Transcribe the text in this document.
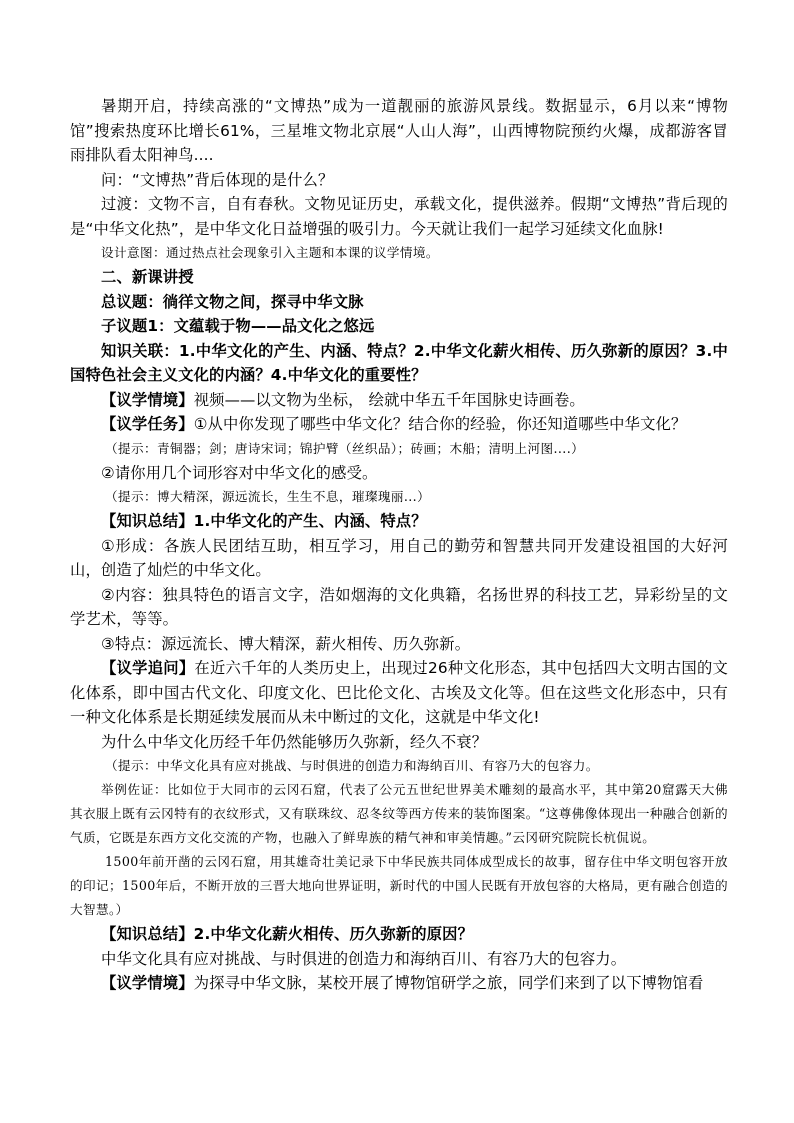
暑期开启，持续高涨的“文博热”成为一道靓丽的旅游风景线。数据显示，6月以来“博物馆”搜索热度环比增长61%，三星堆文物北京展“人山人海”，山西博物院预约火爆，成都游客冒雨排队看太阳神鸟....

问：“文博热”背后体现的是什么？

过渡：文物不言，自有春秋。文物见证历史，承载文化，提供滋养。假期“文博热”背后现的是“中华文化热”，是中华文化日益增强的吸引力。今天就让我们一起学习延续文化血脉!

设计意图：通过热点社会现象引入主题和本课的议学情境。

二、新课讲授

总议题：徜徉文物之间，探寻中华文脉

子议题1：文蕴载于物——品文化之悠远

知识关联：1.中华文化的产生、内涵、特点？2.中华文化薪火相传、历久弥新的原因？3.中国特色社会主义文化的内涵？4.中华文化的重要性？

【议学情境】视频——以文物为坐标， 绘就中华五千年国脉史诗画卷。

【议学任务】①从中你发现了哪些中华文化？结合你的经验，你还知道哪些中华文化？

（提示：青铜器；剑；唐诗宋词；锦护臂（丝织品）；砖画；木船；清明上河图....）

②请你用几个词形容对中华文化的感受。

（提示：博大精深，源远流长，生生不息，璀璨瑰丽...）

【知识总结】1.中华文化的产生、内涵、特点？

①形成：各族人民团结互助，相互学习，用自己的勤劳和智慧共同开发建设祖国的大好河山，创造了灿烂的中华文化。

②内容：独具特色的语言文字，浩如烟海的文化典籍，名扬世界的科技工艺，异彩纷呈的文学艺术，等等。

③特点：源远流长、博大精深，薪火相传、历久弥新。

【议学追问】在近六千年的人类历史上，出现过26种文化形态，其中包括四大文明古国的文化体系，即中国古代文化、印度文化、巴比伦文化、古埃及文化等。但在这些文化形态中，只有一种文化体系是长期延续发展而从未中断过的文化，这就是中华文化!

为什么中华文化历经千年仍然能够历久弥新，经久不衰？

（提示：中华文化具有应对挑战、与时俱进的创造力和海纳百川、有容乃大的包容力。

举例佐证：比如位于大同市的云冈石窟，代表了公元五世纪世界美术雕刻的最高水平，其中第20窟露天大佛其衣服上既有云冈特有的衣纹形式，又有联珠纹、忍冬纹等西方传来的装饰图案。“这尊佛像体现出一种融合创新的气质，它既是东西方文化交流的产物，也融入了鲜卑族的精气神和审美情趣。”云冈研究院院长杭侃说。

1500年前开凿的云冈石窟，用其雄奇壮美记录下中华民族共同体成型成长的故事，留存住中华文明包容开放的印记；1500年后，不断开放的三晋大地向世界证明，新时代的中国人民既有开放包容的大格局，更有融合创造的大智慧。）

【知识总结】2.中华文化薪火相传、历久弥新的原因？

中华文化具有应对挑战、与时俱进的创造力和海纳百川、有容乃大的包容力。

【议学情境】为探寻中华文脉，某校开展了博物馆研学之旅，同学们来到了以下博物馆看
